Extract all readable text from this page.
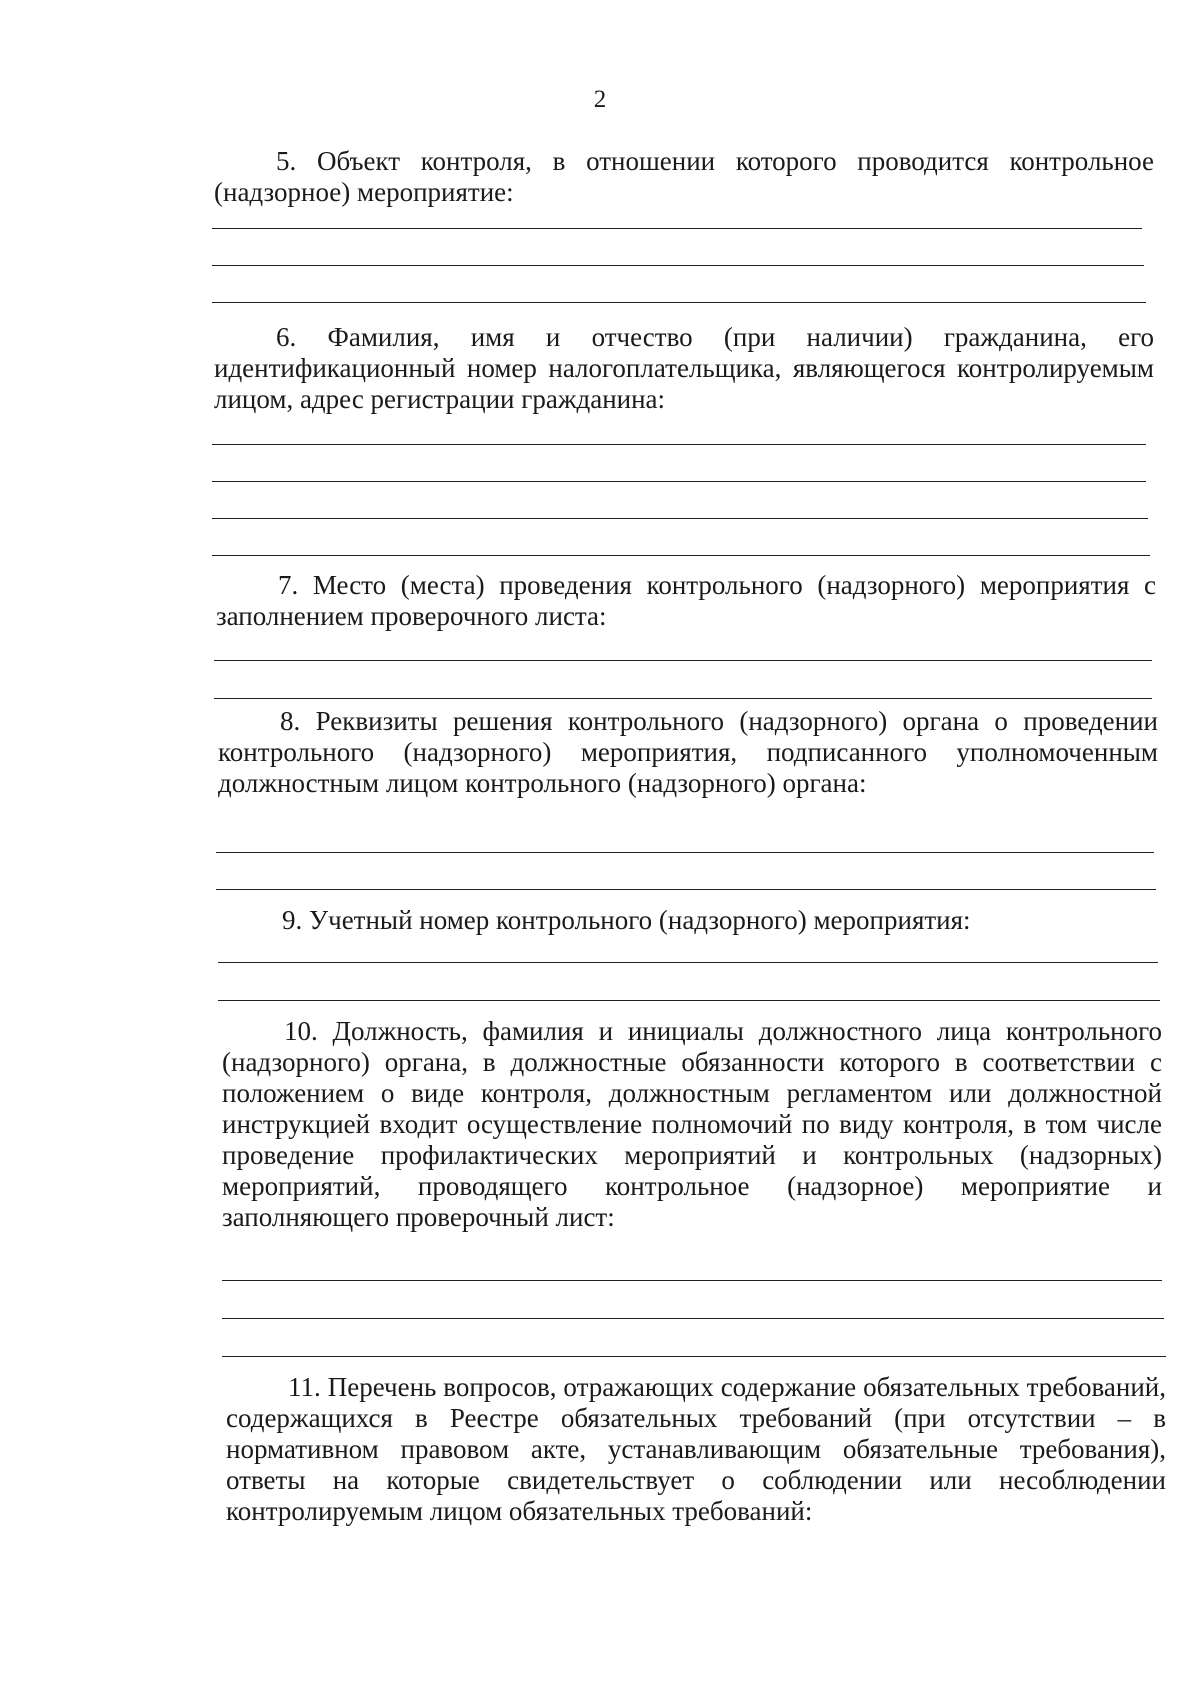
2

5. Объект контроля, в отношении которого проводится контрольное (надзорное) мероприятие:

6. Фамилия, имя и отчество (при наличии) гражданина, его идентификационный номер налогоплательщика, являющегося контролируемым лицом, адрес регистрации гражданина:

7. Место (места) проведения контрольного (надзорного) мероприятия с заполнением проверочного листа:

8. Реквизиты решения контрольного (надзорного) органа о проведении контрольного (надзорного) мероприятия, подписанного уполномоченным должностным лицом контрольного (надзорного) органа:

9. Учетный номер контрольного (надзорного) мероприятия:

10. Должность, фамилия и инициалы должностного лица контрольного (надзорного) органа, в должностные обязанности которого в соответствии с положением о виде контроля, должностным регламентом или должностной инструкцией входит осуществление полномочий по виду контроля, в том числе проведение профилактических мероприятий и контрольных (надзорных) мероприятий, проводящего контрольное (надзорное) мероприятие и заполняющего проверочный лист:

11. Перечень вопросов, отражающих содержание обязательных требований, содержащихся в Реестре обязательных требований (при отсутствии – в нормативном правовом акте, устанавливающим обязательные требования), ответы на которые свидетельствует о соблюдении или несоблюдении контролируемым лицом обязательных требований:
